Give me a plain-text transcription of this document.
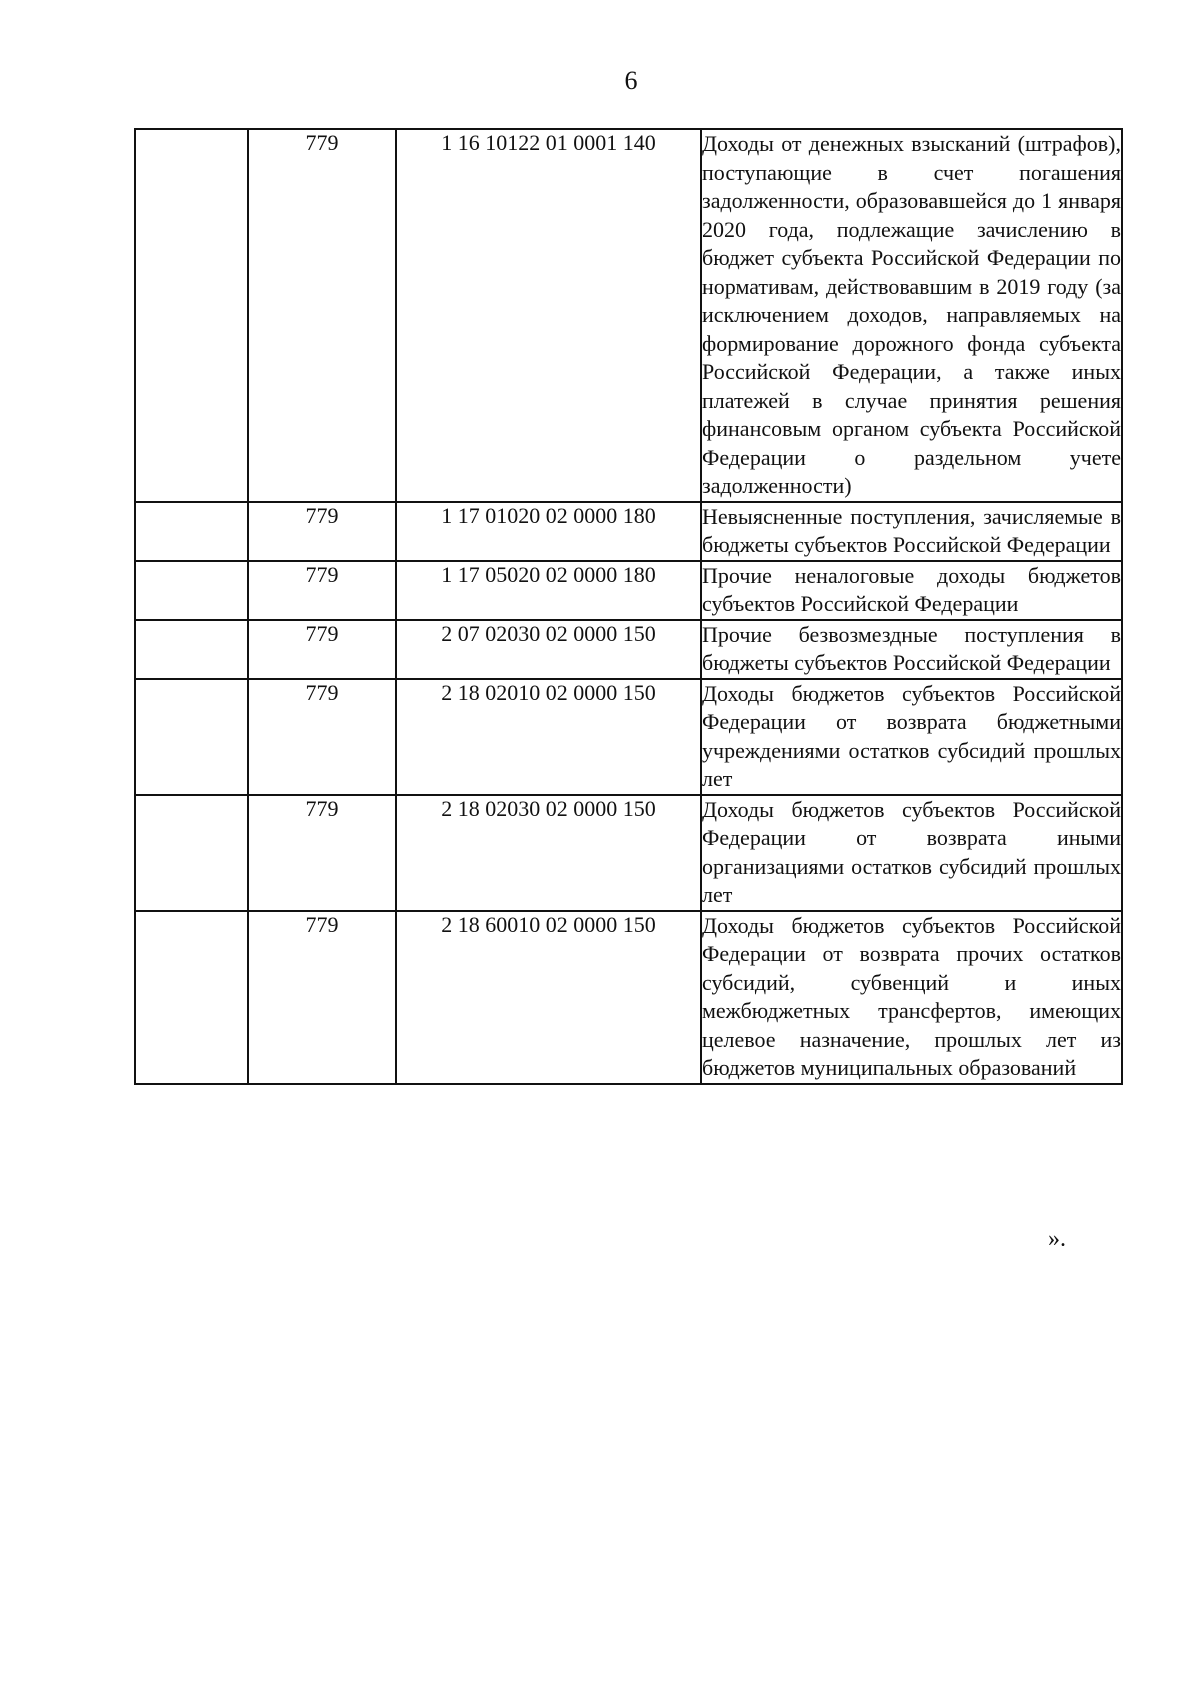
6
	779	1 16 10122 01 0001 140	Доходы от денежных взысканий (штрафов), поступающие в счет погашения задолженности, образовавшейся до 1 января 2020 года, подлежащие зачислению в бюджет субъекта Российской Федерации по нормативам, действовавшим в 2019 году (за исключением доходов, направляемых на формирование дорожного фонда субъекта Российской Федерации, а также иных платежей в случае принятия решения финансовым органом субъекта Российской Федерации о раздельном учете задолженности)

	779	1 17 01020 02 0000 180	Невыясненные поступления, зачисляемые в бюджеты субъектов Российской Федерации

	779	1 17 05020 02 0000 180	Прочие неналоговые доходы бюджетов субъектов Российской Федерации

	779	2 07 02030 02 0000 150	Прочие безвозмездные поступления в бюджеты субъектов Российской Федерации

	779	2 18 02010 02 0000 150	Доходы бюджетов субъектов Российской Федерации от возврата бюджетными учреждениями остатков субсидий прошлых лет

	779	2 18 02030 02 0000 150	Доходы бюджетов субъектов Российской Федерации от возврата иными организациями остатков субсидий прошлых лет

	779	2 18 60010 02 0000 150	Доходы бюджетов субъектов Российской Федерации от возврата прочих остатков субсидий, субвенций и иных межбюджетных трансфертов, имеющих целевое назначение, прошлых лет из бюджетов муниципальных образований
».
